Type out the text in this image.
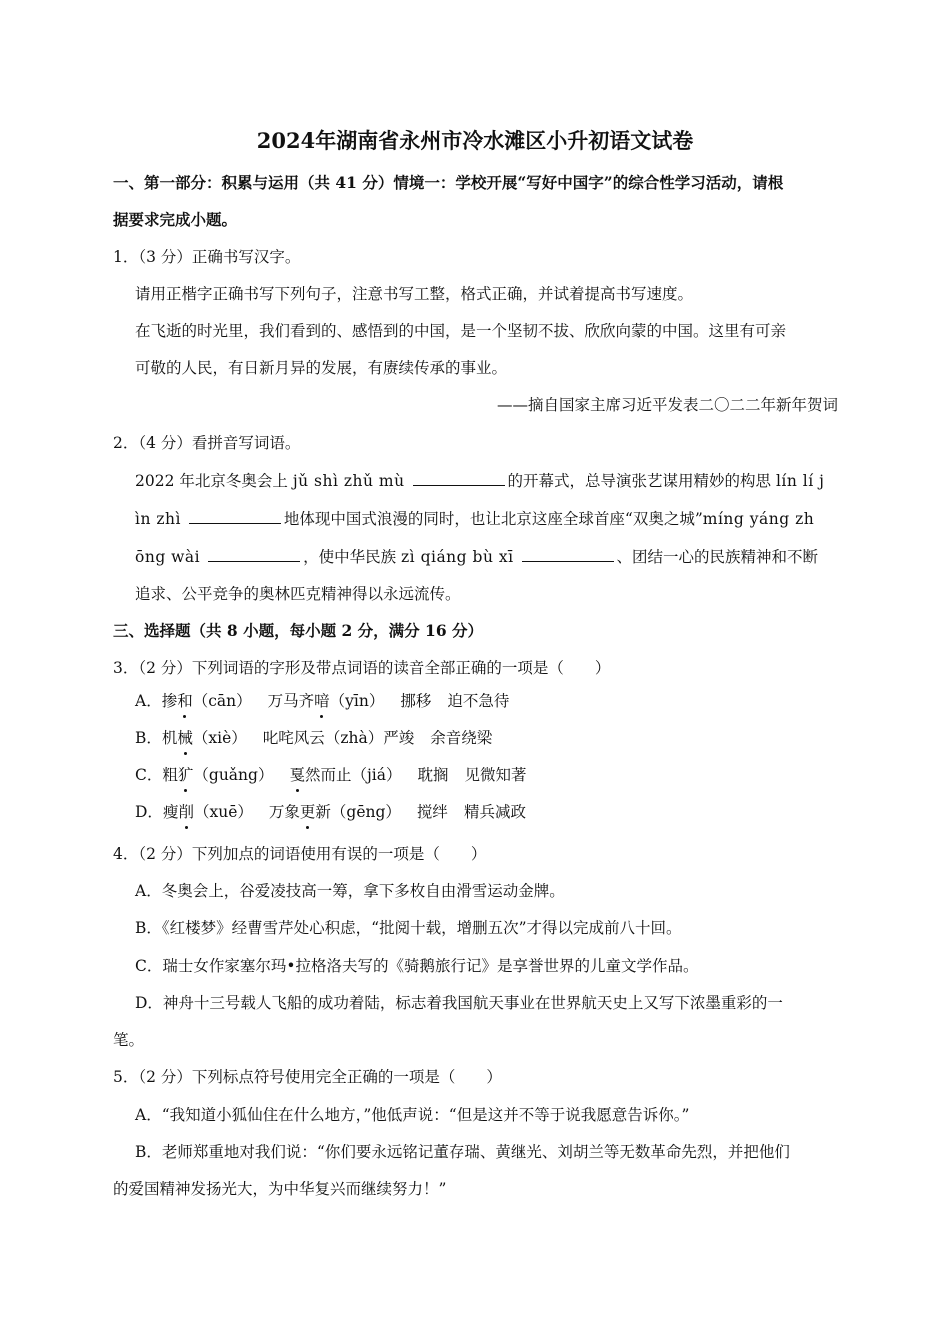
2024年湖南省永州市冷水滩区小升初语文试卷
一、第一部分：积累与运用（共 41 分）情境一：学校开展“写好中国字”的综合性学习活动，请根
据要求完成小题。
1．（3 分）正确书写汉字。
请用正楷字正确书写下列句子，注意书写工整，格式正确，并试着提高书写速度。
在飞逝的时光里，我们看到的、感悟到的中国，是一个坚韧不拔、欣欣向蒙的中国。这里有可亲
可敬的人民，有日新月异的发展，有赓续传承的事业。
——摘自国家主席习近平发表二〇二二年新年贺词
2．（4 分）看拼音写词语。
2022 年北京冬奥会上 jǔ shì zhǔ mù	的开幕式，总导演张艺谋用精妙的构思 lín lí j
ìn zhì	地体现中国式浪漫的同时，也让北京这座全球首座“双奥之城”míng yáng zh
ōng wài	，使中华民族 zì qiáng bù xī	、团结一心的民族精神和不断
追求、公平竞争的奥林匹克精神得以永远流传。
三、选择题（共 8 小题，每小题 2 分，满分 16 分）
3．（2 分）下列词语的字形及带点词语的读音全部正确的一项是（　　）
A．掺和（cān） 万马齐喑（yīn） 挪移 迫不急待
B．机械（xiè） 叱咤风云（zhà）严竣 余音绕梁
C．粗犷（guǎng） 戛然而止（jiá） 耽搁 见微知著
D．瘦削（xuē） 万象更新（gēng） 搅绊 精兵减政
4．（2 分）下列加点的词语使用有误的一项是（　　）
A．冬奥会上，谷爱凌技高一筹，拿下多枚自由滑雪运动金牌。
B．《红楼梦》经曹雪芹处心积虑，“批阅十载，增删五次”才得以完成前八十回。
C．瑞士女作家塞尔玛•拉格洛夫写的《骑鹅旅行记》是享誉世界的儿童文学作品。
D．神舟十三号载人飞船的成功着陆，标志着我国航天事业在世界航天史上又写下浓墨重彩的一
笔。
5．（2 分）下列标点符号使用完全正确的一项是（　　）
A．“我知道小狐仙住在什么地方，”他低声说：“但是这并不等于说我愿意告诉你。”
B．老师郑重地对我们说：“你们要永远铭记董存瑞、黄继光、刘胡兰等无数革命先烈，并把他们
的爱国精神发扬光大，为中华复兴而继续努力！”
